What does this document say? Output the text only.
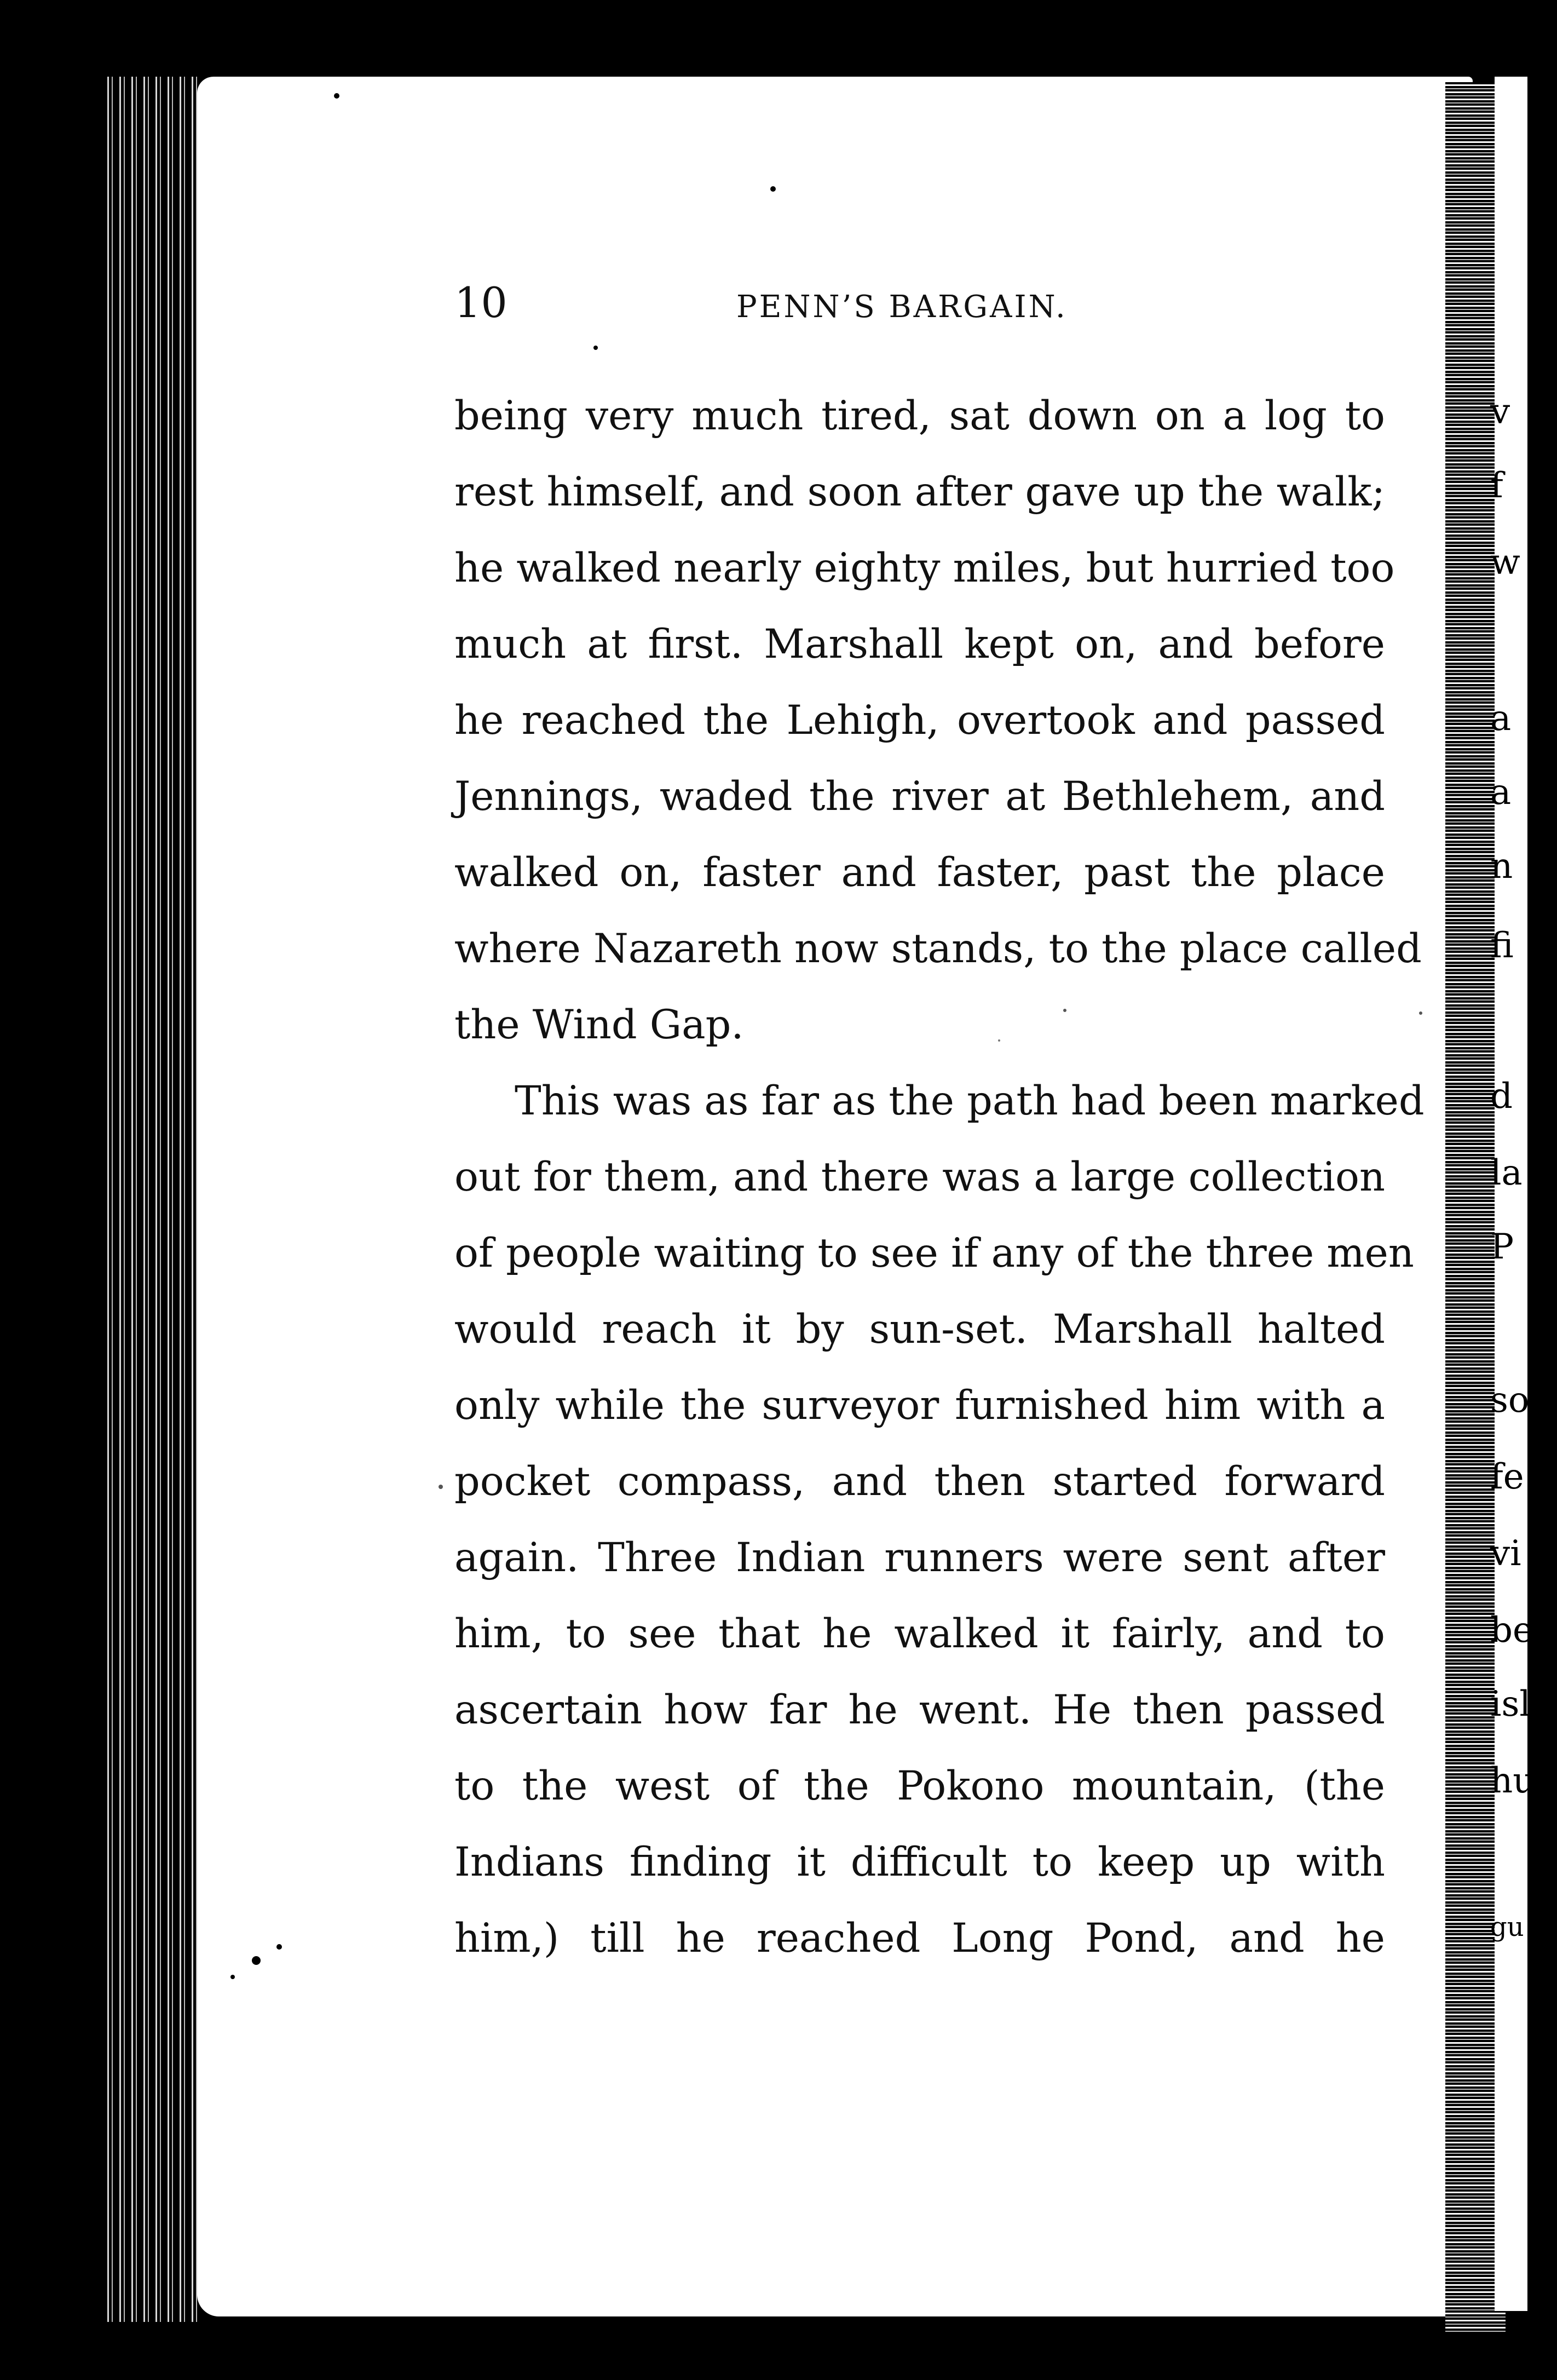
v
f
w
a
a
n
fi
d
la
P
so
fe
vi
be
isl
hu
gu
10	PENN’S BARGAIN.
being very much tired, sat down on a log to
rest himself, and soon after gave up the walk;
he walked nearly eighty miles, but hurried too
much at first. Marshall kept on, and before
he reached the Lehigh, overtook and passed
Jennings, waded the river at Bethlehem, and
walked on, faster and faster, past the place
where Nazareth now stands, to the place called
the Wind Gap.
This was as far as the path had been marked
out for them, and there was a large collection
of people waiting to see if any of the three men
would reach it by sun-set. Marshall halted
only while the surveyor furnished him with a
pocket compass, and then started forward
again. Three Indian runners were sent after
him, to see that he walked it fairly, and to
ascertain how far he went. He then passed
to the west of the Pokono mountain, (the
Indians finding it difficult to keep up with
him,) till he reached Long Pond, and he
